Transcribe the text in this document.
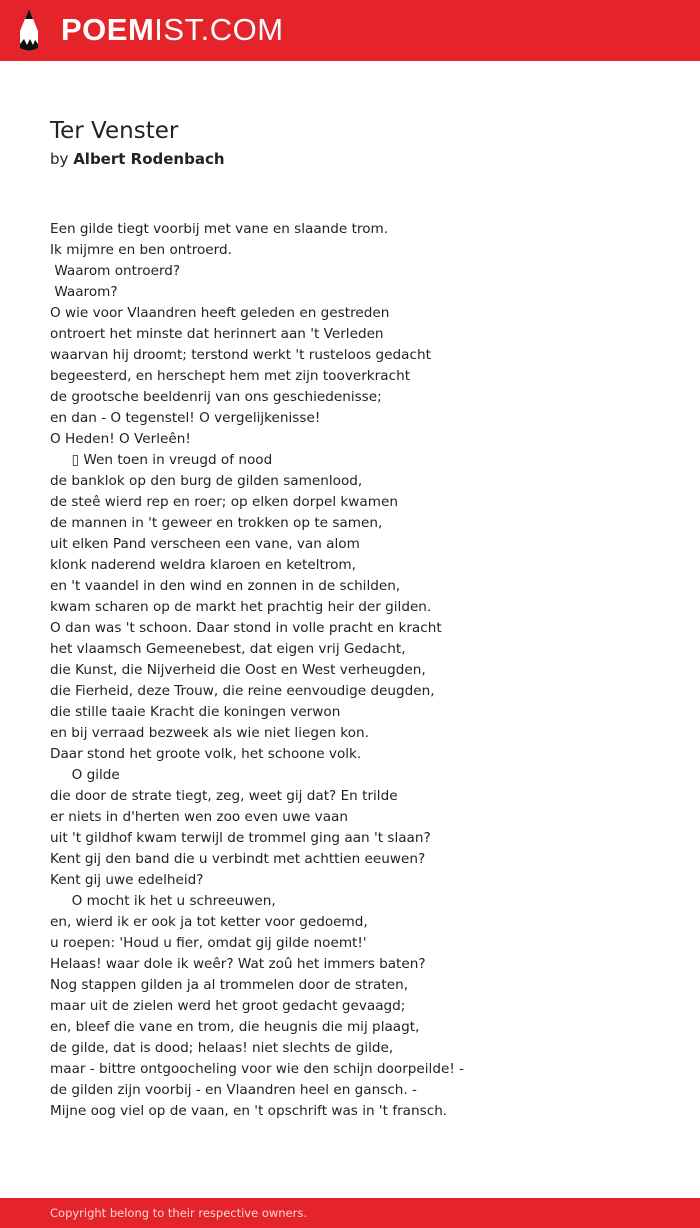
POEMIST.COM
Ter Venster
by Albert Rodenbach
Een gilde tiegt voorbij met vane en slaande trom.
Ik mijmre en ben ontroerd.
Waarom ontroerd?
Waarom?
O wie voor Vlaandren heeft geleden en gestreden
ontroert het minste dat herinnert aan 't Verleden
waarvan hij droomt; terstond werkt 't rusteloos gedacht
begeesterd, en herschept hem met zijn tooverkracht
de grootsche beeldenrij van ons geschiedenisse;
en dan - O tegenstel! O vergelijkenisse!
O Heden! O Verleên!
▯ Wen toen in vreugd of nood
de banklok op den burg de gilden samenlood,
de steê wierd rep en roer; op elken dorpel kwamen
de mannen in 't geweer en trokken op te samen,
uit elken Pand verscheen een vane, van alom
klonk naderend weldra klaroen en keteltrom,
en 't vaandel in den wind en zonnen in de schilden,
kwam scharen op de markt het prachtig heir der gilden.
O dan was 't schoon. Daar stond in volle pracht en kracht
het vlaamsch Gemeenebest, dat eigen vrij Gedacht,
die Kunst, die Nijverheid die Oost en West verheugden,
die Fierheid, deze Trouw, die reine eenvoudige deugden,
die stille taaie Kracht die koningen verwon
en bij verraad bezweek als wie niet liegen kon.
Daar stond het groote volk, het schoone volk.
O gilde
die door de strate tiegt, zeg, weet gij dat? En trilde
er niets in d'herten wen zoo even uwe vaan
uit 't gildhof kwam terwijl de trommel ging aan 't slaan?
Kent gij den band die u verbindt met achttien eeuwen?
Kent gij uwe edelheid?
O mocht ik het u schreeuwen,
en, wierd ik er ook ja tot ketter voor gedoemd,
u roepen: 'Houd u fier, omdat gij gilde noemt!'
Helaas! waar dole ik weêr? Wat zoû het immers baten?
Nog stappen gilden ja al trommelen door de straten,
maar uit de zielen werd het groot gedacht gevaagd;
en, bleef die vane en trom, die heugnis die mij plaagt,
de gilde, dat is dood; helaas! niet slechts de gilde,
maar - bittre ontgoocheling voor wie den schijn doorpeilde! -
de gilden zijn voorbij - en Vlaandren heel en gansch. -
Mijne oog viel op de vaan, en 't opschrift was in 't fransch.
Copyright belong to their respective owners.
